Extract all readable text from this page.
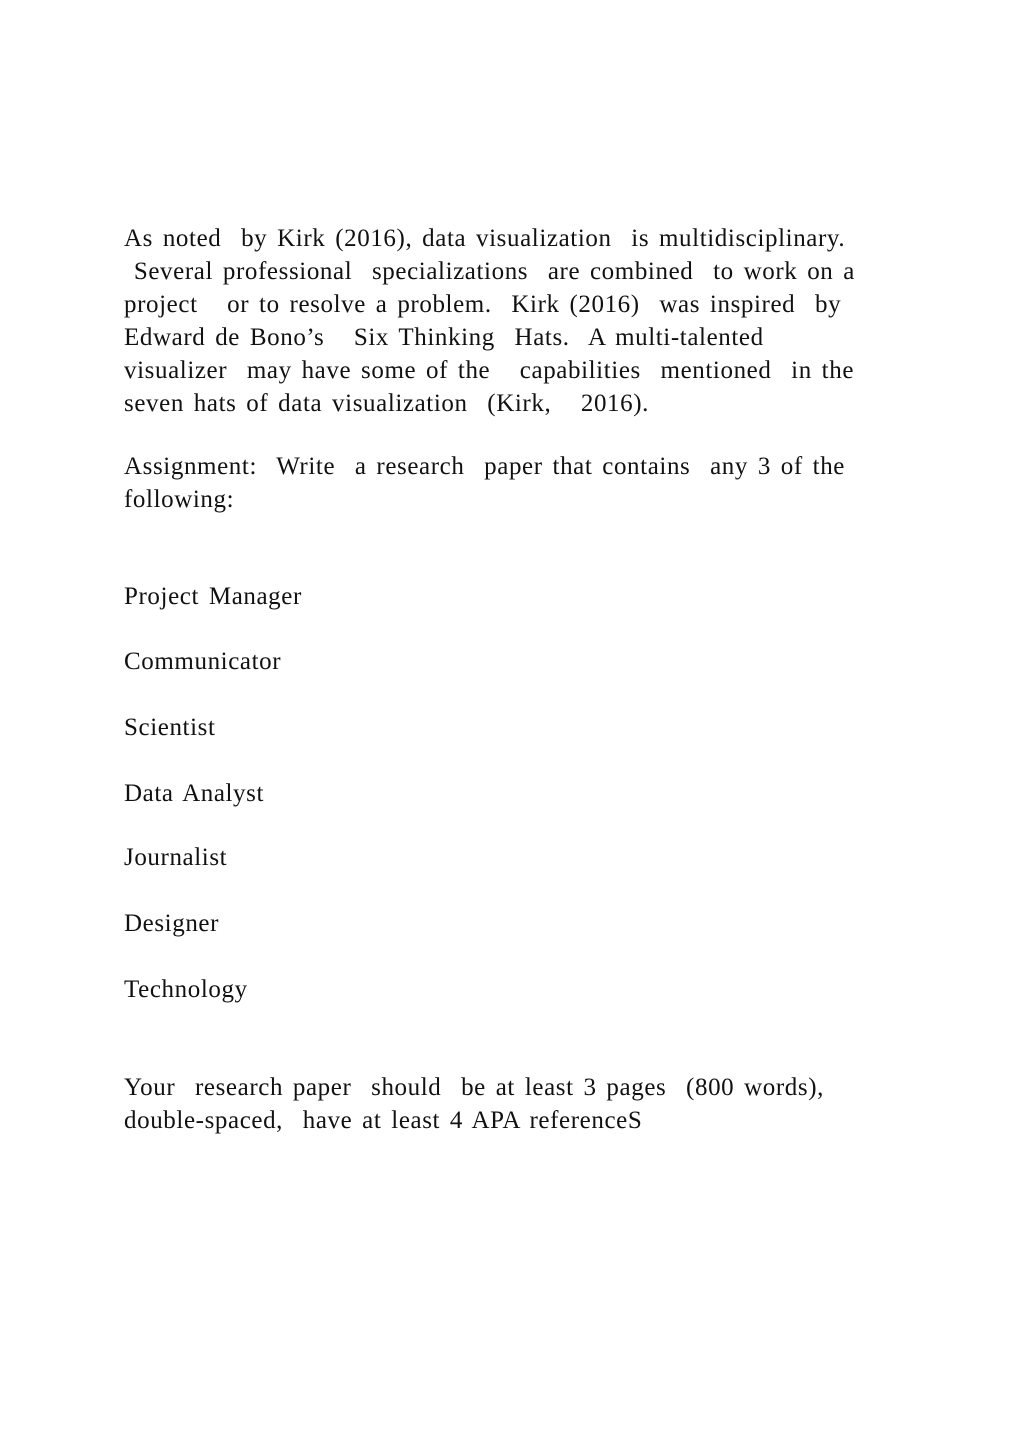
As noted  by Kirk (2016), data visualization  is multidisciplinary.
Several professional  specializations  are combined  to work on a
project   or to resolve a problem.  Kirk (2016)  was inspired  by
Edward de Bono’s   Six Thinking  Hats.  A multi-talented
visualizer  may have some of the   capabilities  mentioned  in the
seven hats of data visualization  (Kirk,   2016).

Assignment:  Write  a research  paper that contains  any 3 of the
following:

Project Manager

Communicator

Scientist

Data Analyst

Journalist

Designer

Technology

Your  research paper  should  be at least 3 pages  (800 words),
double-spaced,  have at least 4 APA referenceS
